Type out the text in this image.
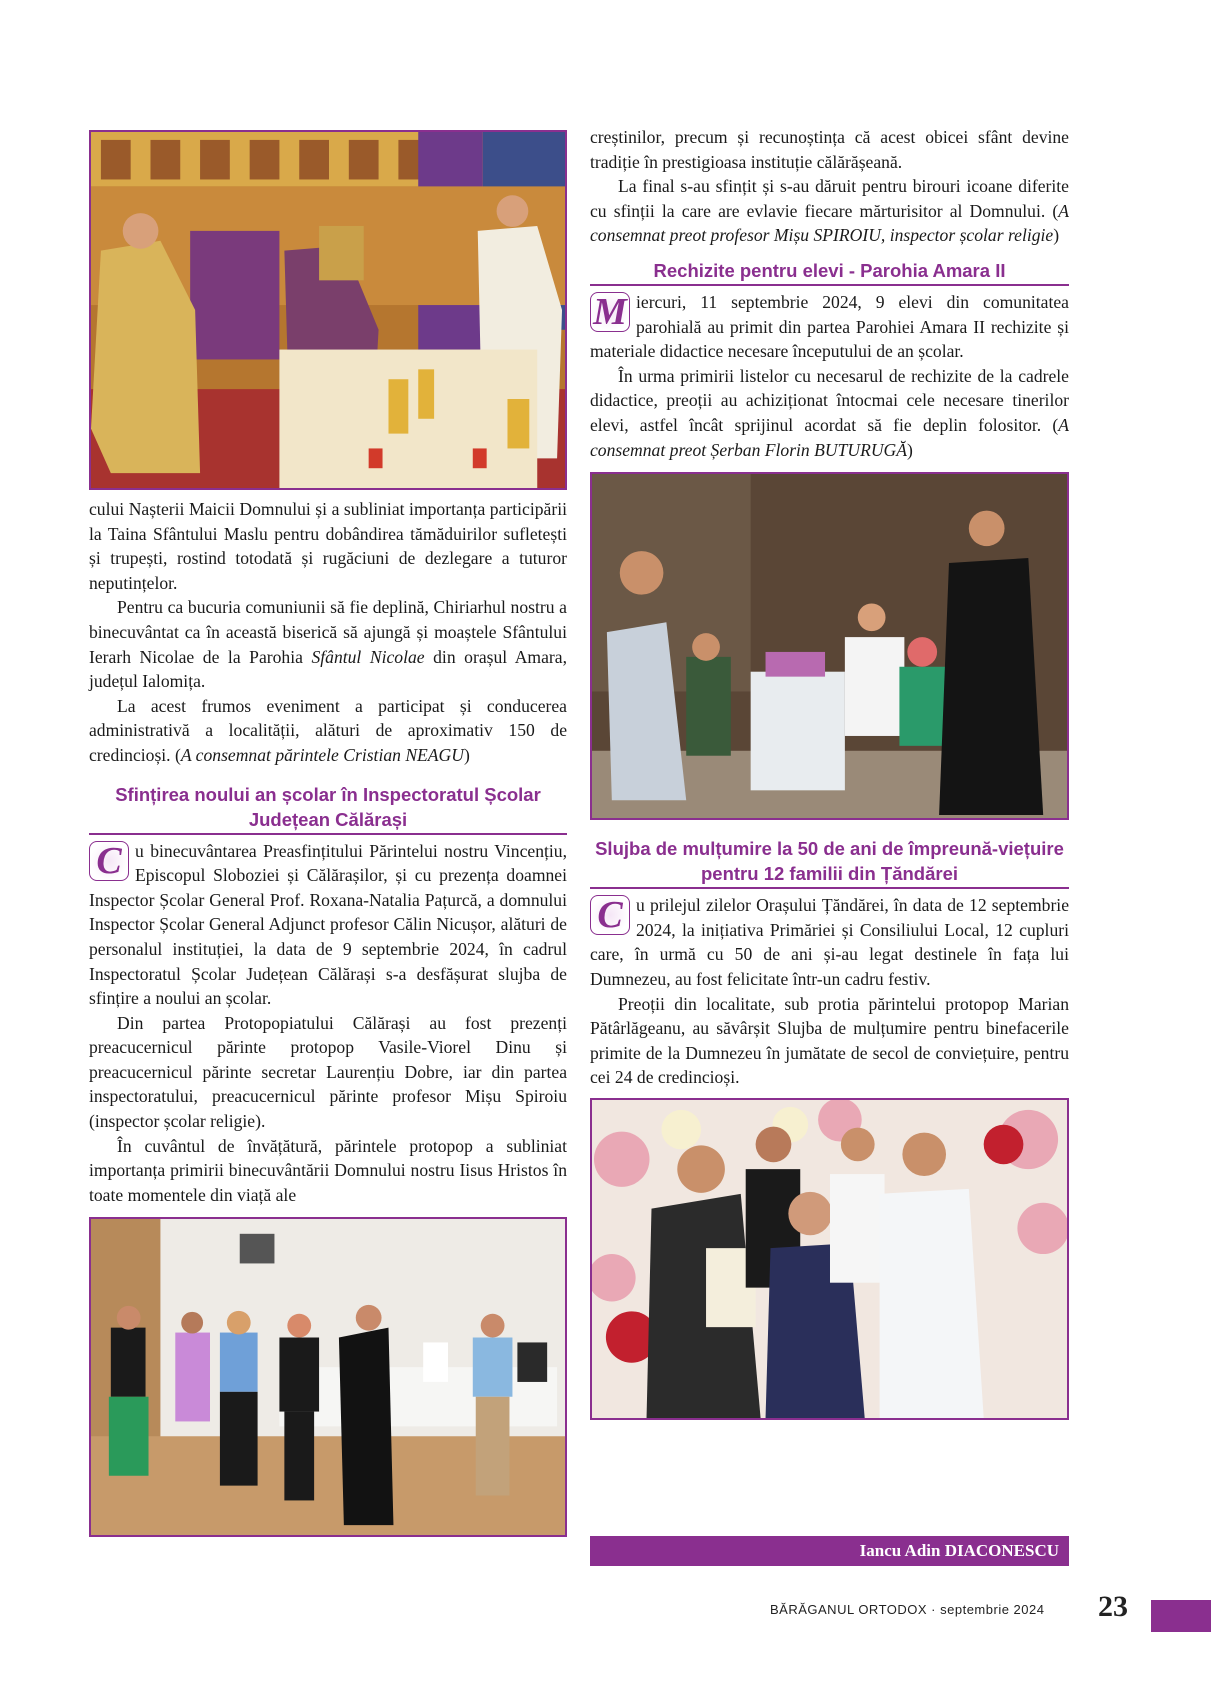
cului Nașterii Maicii Domnului și a subliniat importanța participării la Taina Sfântului Maslu pentru dobândirea tămăduirilor sufletești și trupești, rostind totodată și rugăciuni de dezlegare a tuturor neputințelor.

Pentru ca bucuria comuniunii să fie deplină, Chiriarhul nostru a binecuvântat ca în această biserică să ajungă și moaștele Sfântului Ierarh Nicolae de la Parohia Sfântul Nicolae din orașul Amara, județul Ialomița.

La acest frumos eveniment a participat și conducerea administrativă a localității, alături de aproximativ 150 de credincioși. (A consemnat părintele Cristian NEAGU)

Sfințirea noului an școlar în Inspectoratul Școlar Județean Călărași

C u binecuvântarea Preasfințitului Părintelui nostru Vincențiu, Episcopul Sloboziei și Călărașilor, și cu prezența doamnei Inspector Școlar General Prof. Roxana-Natalia Pațurcă, a domnului Inspector Școlar General Adjunct profesor Călin Nicușor, alături de personalul instituției, la data de 9 septembrie 2024, în cadrul Inspectoratul Școlar Județean Călărași s-a desfășurat slujba de sfințire a noului an școlar.

Din partea Protopopiatului Călărași au fost prezenți preacucernicul părinte protopop Vasile-Viorel Dinu și preacucernicul părinte secretar Laurențiu Dobre, iar din partea inspectoratului, preacucernicul părinte profesor Mișu Spiroiu (inspector școlar religie).

În cuvântul de învățătură, părintele protopop a subliniat importanța primirii binecuvântării Domnului nostru Iisus Hristos în toate momentele din viață ale

creștinilor, precum și recunoștința că acest obicei sfânt devine tradiție în prestigioasa instituție călărășeană.

La final s-au sfințit și s-au dăruit pentru birouri icoane diferite cu sfinții la care are evlavie fiecare mărturisitor al Domnului. (A consemnat preot profesor Mișu SPIROIU, inspector școlar religie)

Rechizite pentru elevi - Parohia Amara II

M iercuri, 11 septembrie 2024, 9 elevi din comunitatea parohială au primit din partea Parohiei Amara II rechizite și materiale didactice necesare începutului de an școlar.

În urma primirii listelor cu necesarul de rechizite de la cadrele didactice, preoții au achiziționat întocmai cele necesare tinerilor elevi, astfel încât sprijinul acordat să fie deplin folositor. (A consemnat preot Șerban Florin BUTURUGĂ)

Slujba de mulțumire la 50 de ani de împreună-viețuire pentru 12 familii din Țăndărei

C u prilejul zilelor Orașului Țăndărei, în data de 12 septembrie 2024, la inițiativa Primăriei și Consiliului Local, 12 cupluri care, în urmă cu 50 de ani și-au legat destinele în fața lui Dumnezeu, au fost felicitate într-un cadru festiv.

Preoții din localitate, sub protia părintelui protopop Marian Pătârlăgeanu, au săvârșit Slujba de mulțumire pentru binefacerile primite de la Dumnezeu în jumătate de secol de conviețuire, pentru cei 24 de credincioși.

Iancu Adin DIACONESCU
BĂRĂGANUL ORTODOX · septembrie 2024 23
